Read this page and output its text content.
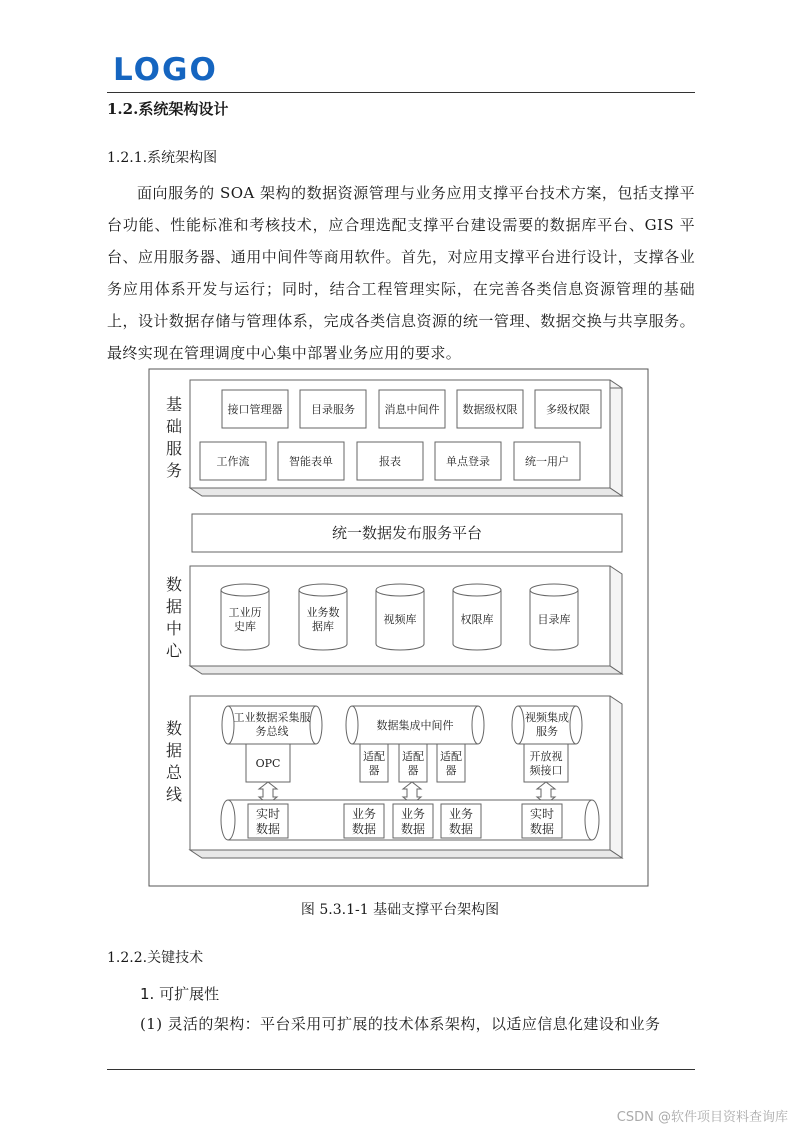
LOGO
1.2.系统架构设计
1.2.1.系统架构图

面向服务的 SOA 架构的数据资源管理与业务应用支撑平台技术方案，包括支撑平台功能、性能标准和考核技术，应合理选配支撑平台建设需要的数据库平台、GIS 平台、应用服务器、通用中间件等商用软件。首先，对应用支撑平台进行设计，支撑各业务应用体系开发与运行；同时，结合工程管理实际，在完善各类信息资源管理的基础上，设计数据存储与管理体系，完成各类信息资源的统一管理、数据交换与共享服务。最终实现在管理调度中心集中部署业务应用的要求。

接口管理器	目录服务	消息中间件 数据级权限	多级权限
工作流	智能表单	报表	单点登录	统一用户
统一数据发布服务平台
工业历
史库
业务数
据库
视频库	权限库	目录库
工业数据采集服
务总线	数据集成中间件
视频集成
服务
OPC
适配
器
适配
器
适配
器
开放视
频接口
实时
数据
业务
数据
业务
数据
业务
数据
实时
数据
基
础
服
务
数
据
中
心
数
据
总
线
图 5.3.1-1 基础支撑平台架构图
1.2.2.关键技术
1. 可扩展性
(1) 灵活的架构：平台采用可扩展的技术体系架构，以适应信息化建设和业务
CSDN @软件项目资料查询库
